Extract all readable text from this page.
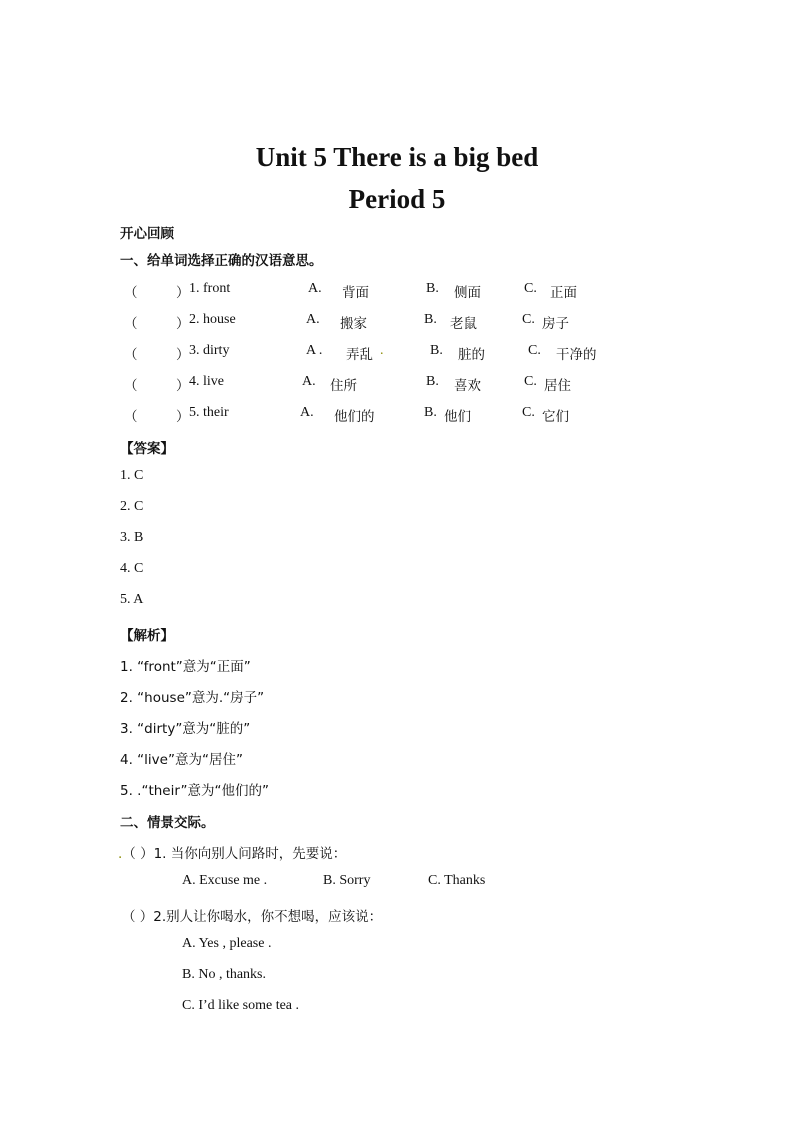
Unit 5 There is a big bed
Period 5
开心回顾
一、给单词选择正确的汉语意思。
（	） 1. front	A. 背面	B. 侧面	C. 正面
（	） 2. house	A. 搬家	B. 老鼠	C. 房子
（	） 3. dirty	A . 弄乱 .	B. 脏的	C. 干净的
（	） 4. live	A. 住所	B. 喜欢	C. 居住
（	） 5. their	A. 他们的	B. 他们	C. 它们
【答案】
1. C
2. C
3. B
4. C
5. A
【解析】
1. “front”意为“正面”
2. “house”意为.“房子”
3. “dirty”意为“脏的”
4. “live”意为“居住”
5. .“their”意为“他们的”
二、情景交际。
.（ ）1. 当你向别人问路时，先要说：
A. Excuse me .	B. Sorry	C. Thanks
（ ）2.别人让你喝水，你不想喝，应该说：
A. Yes , please .
B. No , thanks.
C. I’d like some tea .
